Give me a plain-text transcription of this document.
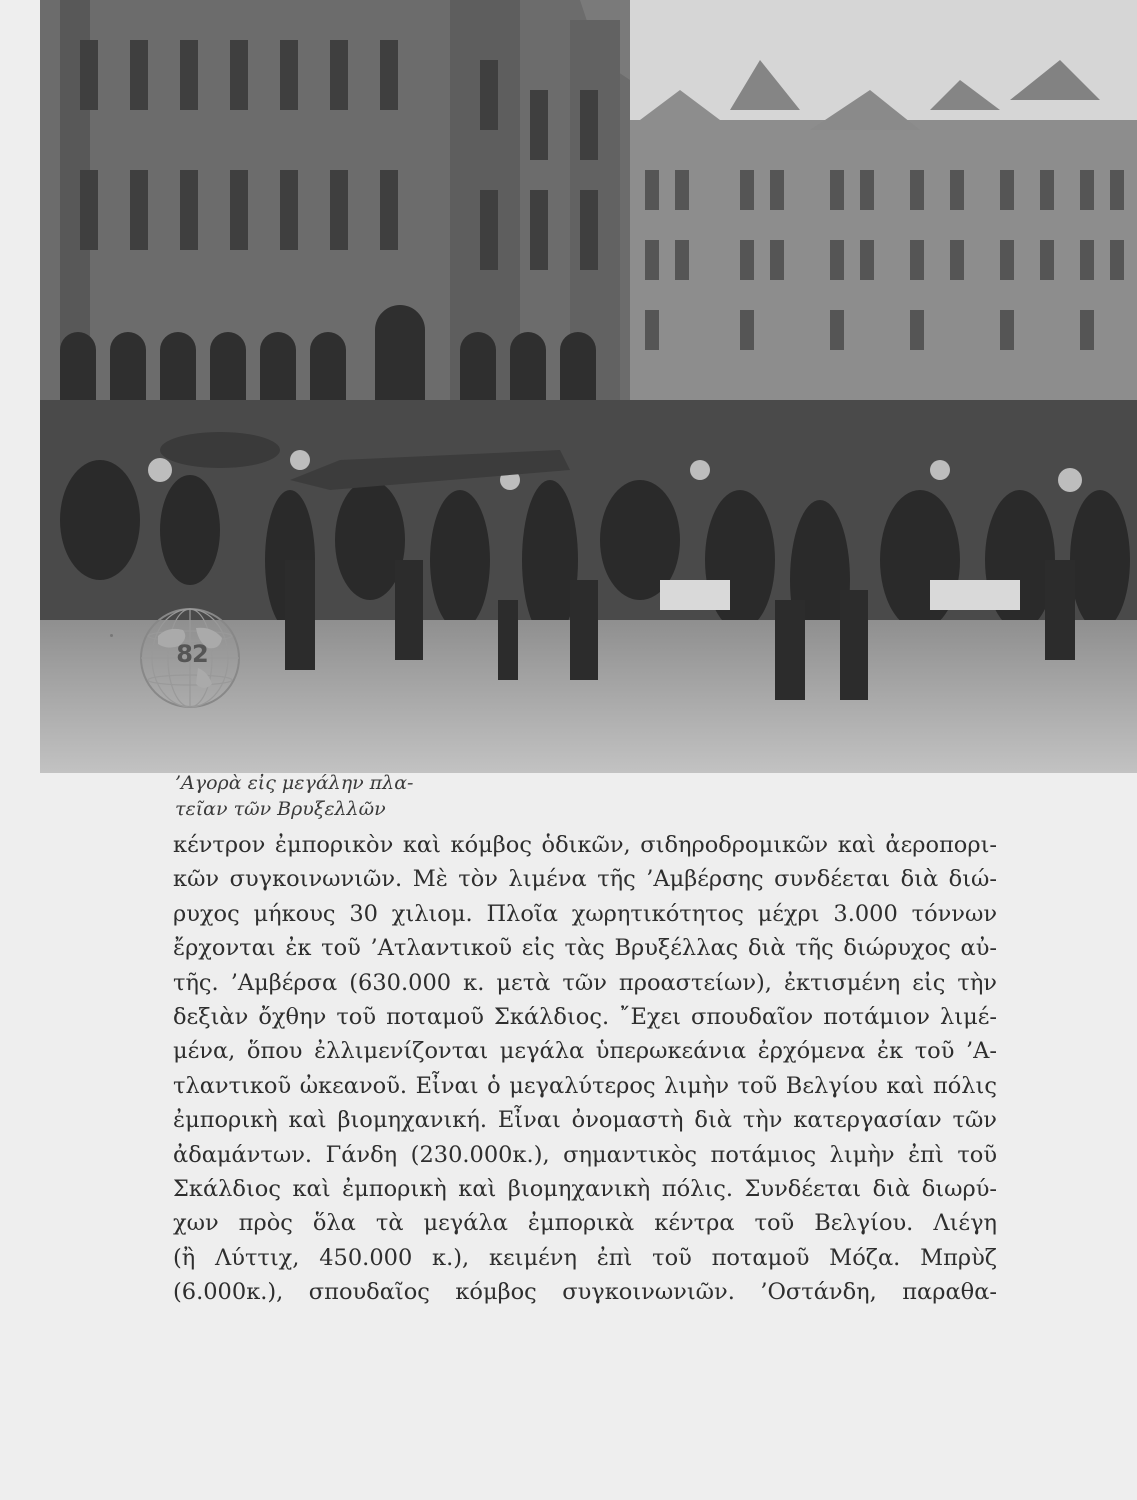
’Αγορὰ εἰς μεγάλην πλα-
τεῖαν τῶν Βρυξελλῶν
κέντρον ἐμπορικὸν καὶ κόμβος ὁδικῶν, σιδηροδρομικῶν καὶ ἀεροπορι-
κῶν συγκοινωνιῶν. Μὲ τὸν λιμένα τῆς ’Αμβέρσης συνδέεται διὰ διώ-
ρυχος μήκους 30 χιλιομ. Πλοῖα χωρητικότητος μέχρι 3.000 τόννων
ἔρχονται ἐκ τοῦ ’Ατλαντικοῦ εἰς τὰς Βρυξέλλας διὰ τῆς διώρυχος αὐ-
τῆς. ’Αμβέρσα (630.000 κ. μετὰ τῶν προαστείων), ἐκτισμένη εἰς τὴν
δεξιὰν ὄχθην τοῦ ποταμοῦ Σκάλδιος. ῎Εχει σπουδαῖον ποτάμιον λιμέ-
μένα, ὅπου ἐλλιμενίζονται μεγάλα ὑπερωκεάνια ἐρχόμενα ἐκ τοῦ ’Α-
τλαντικοῦ ὠκεανοῦ. Εἶναι ὁ μεγαλύτερος λιμὴν τοῦ Βελγίου καὶ πόλις
ἐμπορικὴ καὶ βιομηχανική. Εἶναι ὀνομαστὴ διὰ τὴν κατεργασίαν τῶν
ἀδαμάντων. Γάνδη (230.000κ.), σημαντικὸς ποτάμιος λιμὴν ἐπὶ τοῦ
Σκάλδιος καὶ ἐμπορικὴ καὶ βιομηχανικὴ πόλις. Συνδέεται διὰ διωρύ-
χων πρὸς ὅλα τὰ μεγάλα ἐμπορικὰ κέντρα τοῦ Βελγίου. Λιέγη
(ἢ Λύττιχ, 450.000 κ.), κειμένη ἐπὶ τοῦ ποταμοῦ Μόζα. Μπρὺζ
(6.000κ.), σπουδαῖος κόμβος συγκοινωνιῶν. ’Οστάνδη, παραθα-
82
